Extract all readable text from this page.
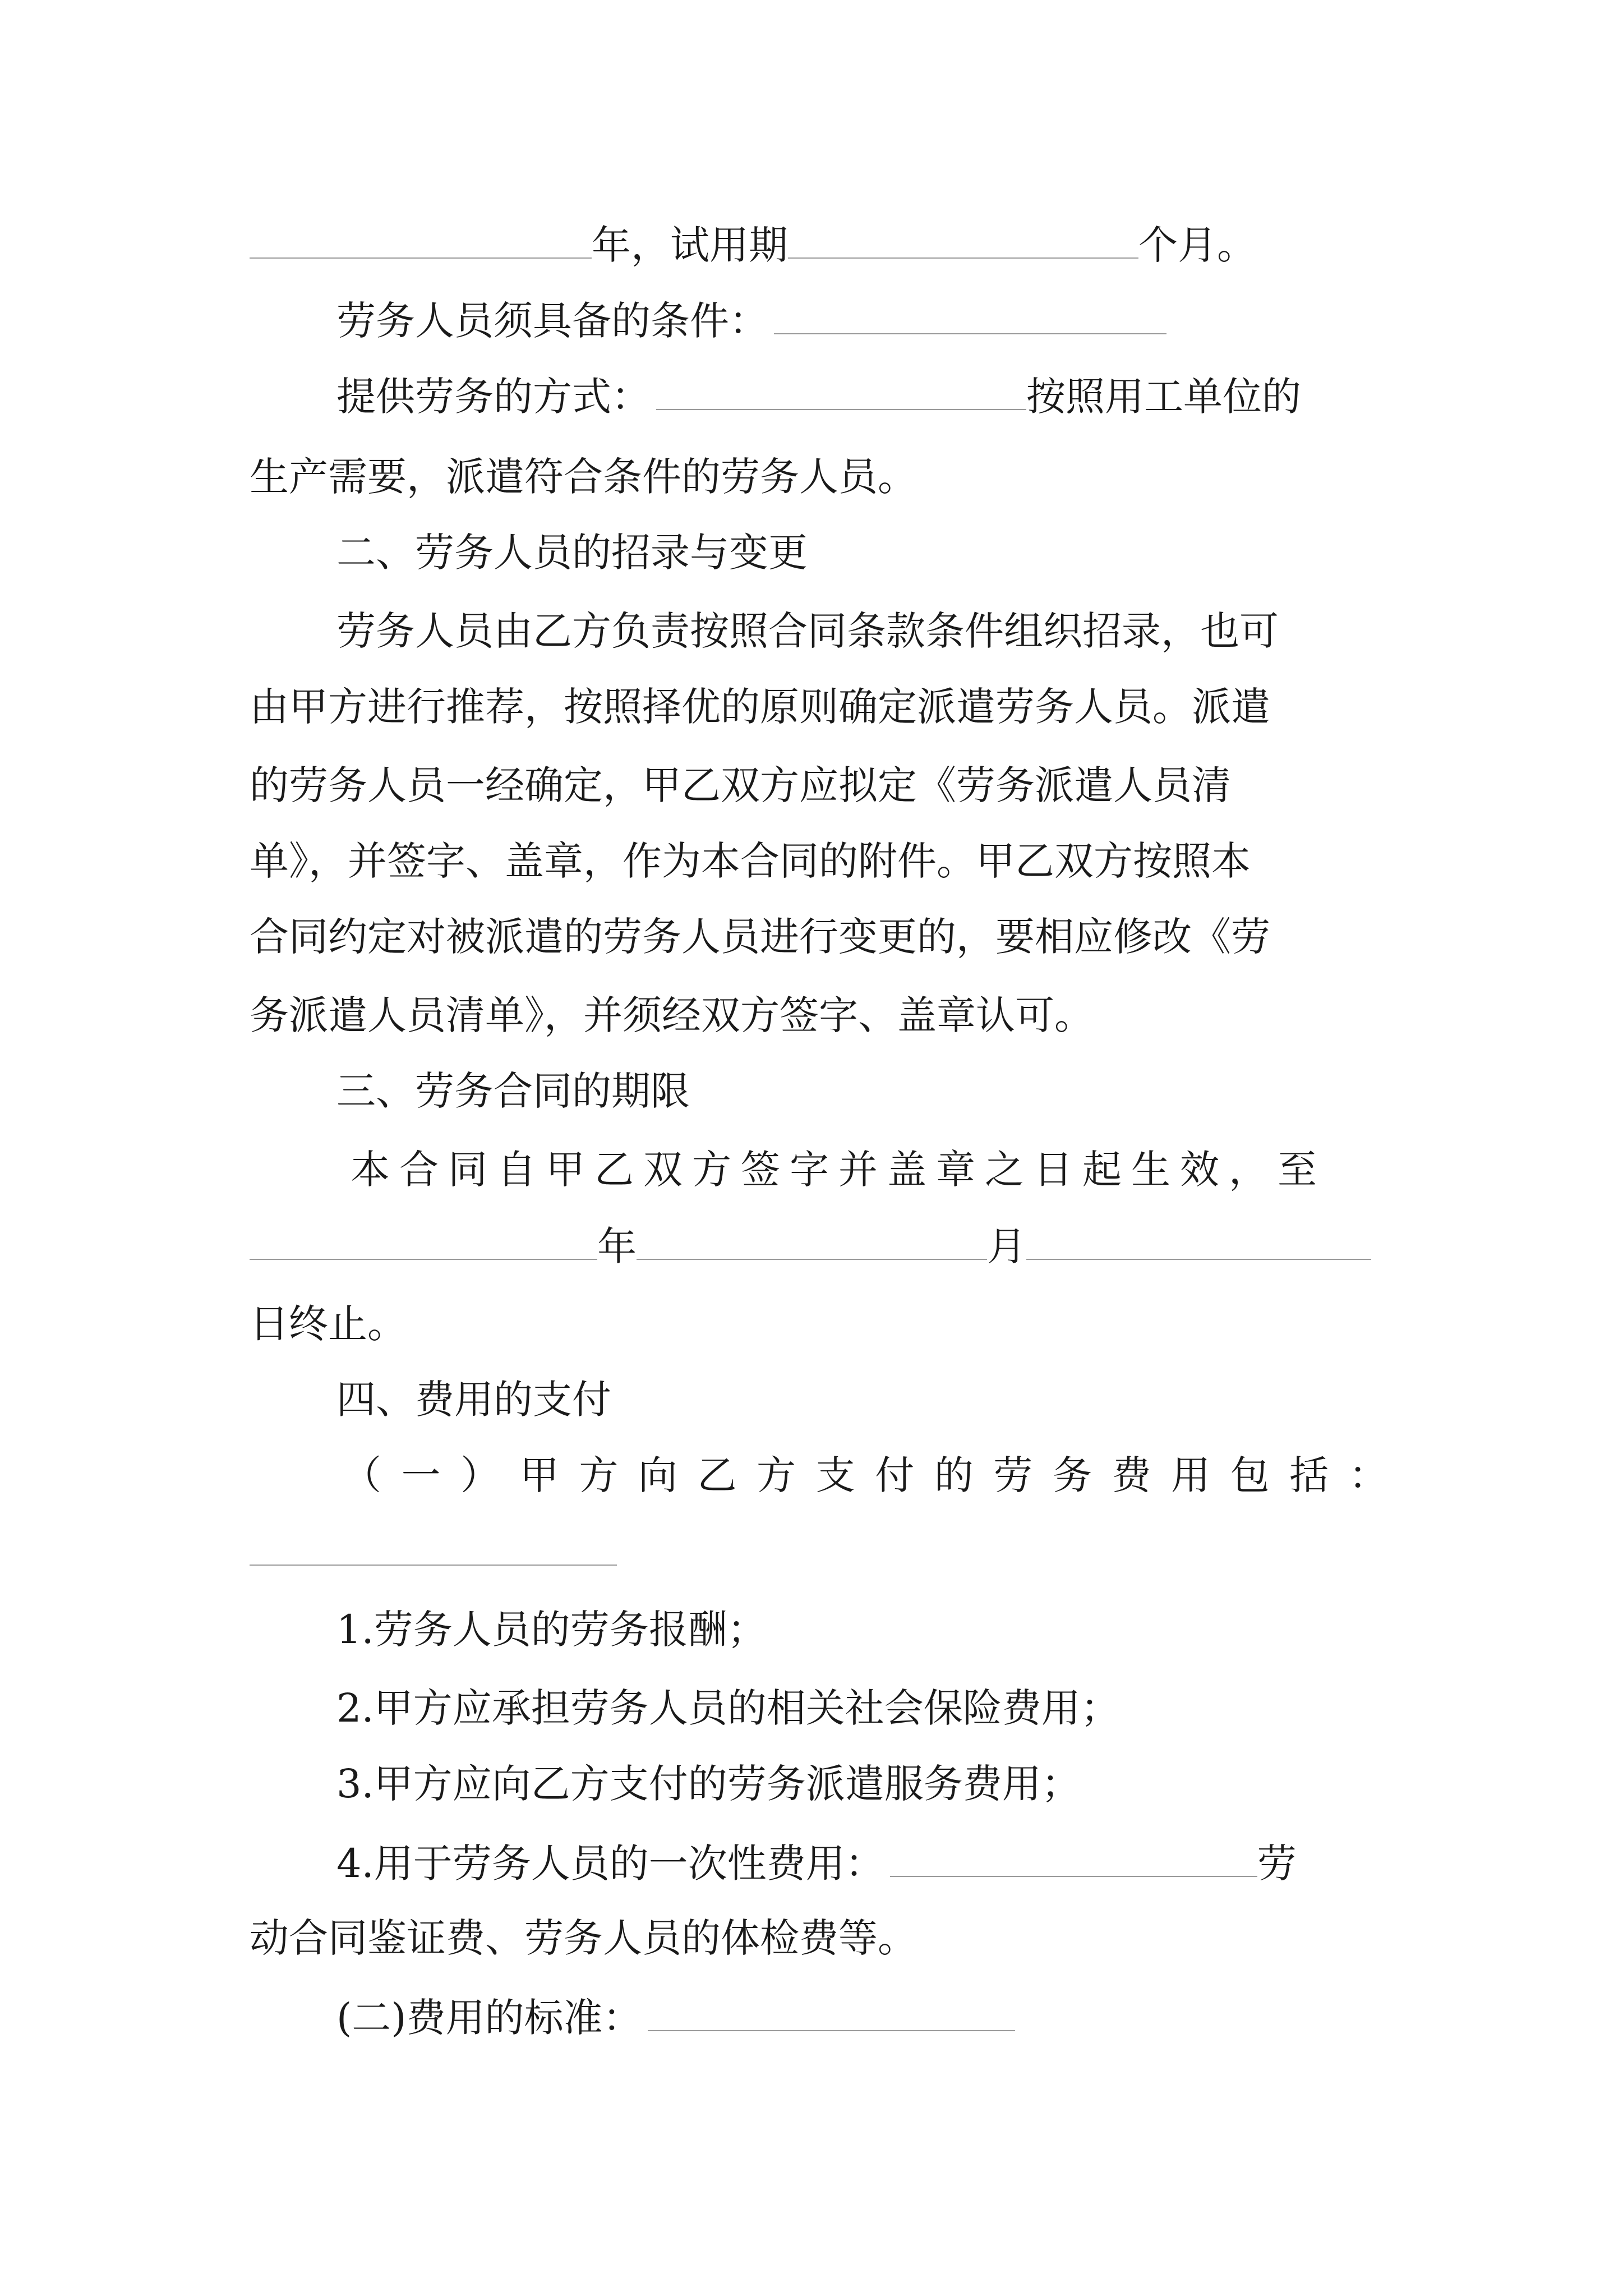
年，试用期	个月。
劳务人员须具备的条件：
提供劳务的方式：	按照用工单位的
生产需要，派遣符合条件的劳务人员。
二、劳务人员的招录与变更
劳务人员由乙方负责按照合同条款条件组织招录，也可
由甲方进行推荐，按照择优的原则确定派遣劳务人员。派遣
的劳务人员一经确定，甲乙双方应拟定《劳务派遣人员清
单》，并签字、盖章，作为本合同的附件。甲乙双方按照本
合同约定对被派遣的劳务人员进行变更的，要相应修改《劳
务派遣人员清单》，并须经双方签字、盖章认可。
三、劳务合同的期限
本合同自甲乙双方签字并盖章之日起生效，至
年	月
日终止。
四、费用的支付
（ 一 ） 甲 方 向 乙 方 支 付 的 劳 务 费 用 包 括 ：
1.劳务人员的劳务报酬；
2.甲方应承担劳务人员的相关社会保险费用；
3.甲方应向乙方支付的劳务派遣服务费用；
4.用于劳务人员的一次性费用：	劳
动合同鉴证费、劳务人员的体检费等。
(二)费用的标准：
